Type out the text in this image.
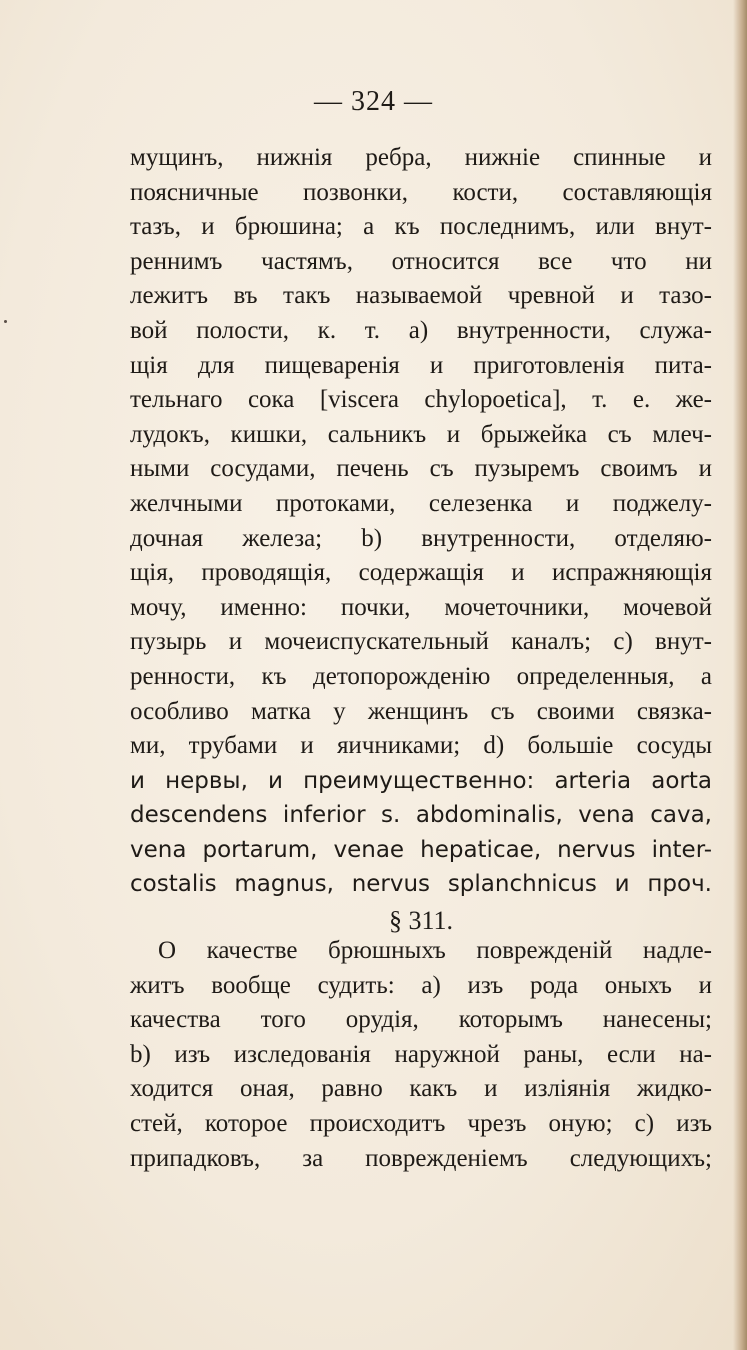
— 324 —
мущинъ, нижнія ребра, нижніе спинные и
поясничные позвонки, кости, составляющія
тазъ, и брюшина; а къ последнимъ, или внут-
реннимъ частямъ, относится все что ни
лежитъ въ такъ называемой чревной и тазо-
вой полости, к. т. а) внутренности, служа-
щія для пищеваренія и приготовленія пита-
тельнаго сока [viscera chylopoetica], т. е. же-
лудокъ, кишки, сальникъ и брыжейка съ млеч-
ными сосудами, печень съ пузыремъ своимъ и
желчными протоками, селезенка и поджелу-
дочная железа; b) внутренности, отделяю-
щія, проводящія, содержащія и испражняющія
мочу, именно: почки, мочеточники, мочевой
пузырь и мочеиспускательный каналъ; c) внут-
ренности, къ детопорожденію определенныя, а
особливо матка у женщинъ съ своими связка-
ми, трубами и яичниками; d) большіе сосуды
и нервы, и преимущественно: arteria aorta
descendens inferior s. abdominalis, vena cava,
vena portarum, venae hepaticae, nervus inter-
costalis magnus, nervus splanchnicus и проч.
§ 311.
О качестве брюшныхъ поврежденій надле-
житъ вообще судить: а) изъ рода оныхъ и
качества того орудія, которымъ нанесены;
b) изъ изследованія наружной раны, если на-
ходится оная, равно какъ и изліянія жидко-
стей, которое происходитъ чрезъ оную; c) изъ
припадковъ, за поврежденіемъ следующихъ;
